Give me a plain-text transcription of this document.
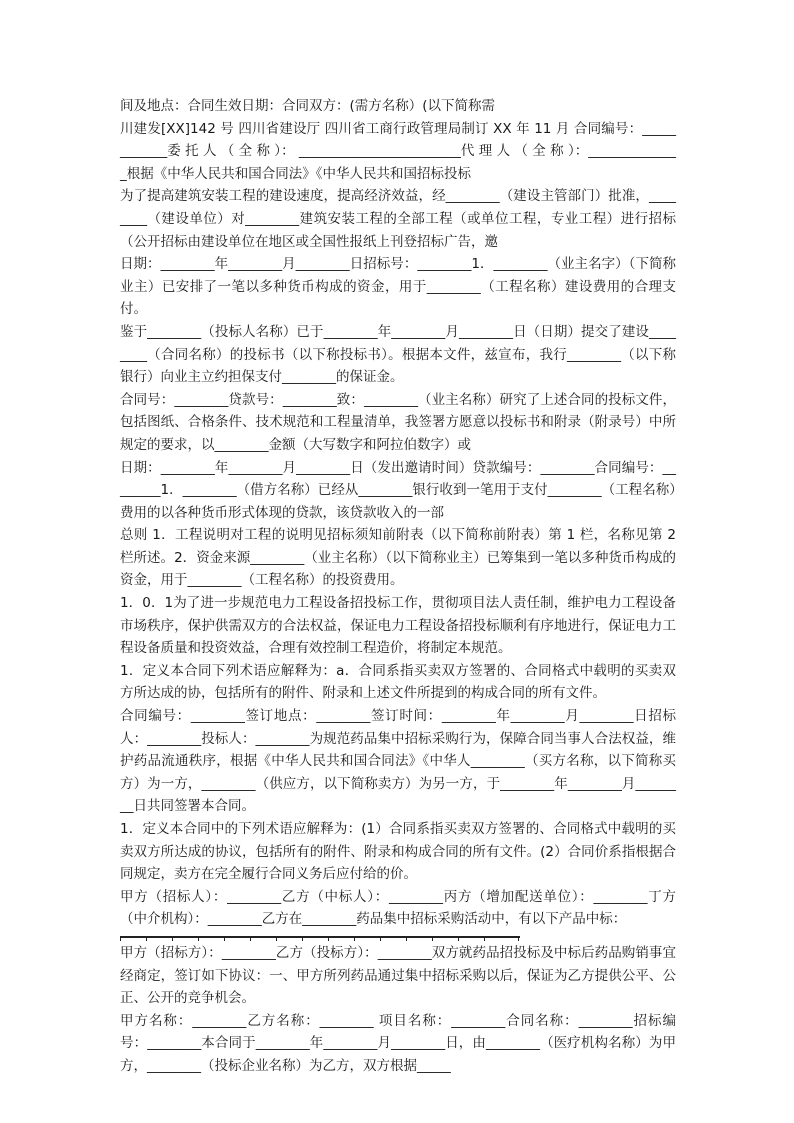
间及地点：合同生效日期：合同双方：(需方名称）(以下简称需

川建发[XX]142 号 四川省建设厅 四川省工商行政管理局制订 XX 年 11 月 合同编号：____________委 托 人 （ 全 称 ）： ________________________代 理 人 （ 全 称 ）：______________根据《中华人民共和国合同法》《中华人民共和国招标投标

为了提高建筑安装工程的建设速度，提高经济效益，经________（建设主管部门）批准，________（建设单位）对________建筑安装工程的全部工程（或单位工程，专业工程）进行招标（公开招标由建设单位在地区或全国性报纸上刊登招标广告，邀

日期：________年________月________日招标号：________1．________（业主名字）（下简称业主）已安排了一笔以多种货币构成的资金，用于________（工程名称）建设费用的合理支付。

鉴于________（投标人名称）已于________年________月________日（日期）提交了建设________（合同名称）的投标书（以下称投标书）。根据本文件，兹宣布，我行________（以下称银行）向业主立约担保支付________的保证金。

合同号：________贷款号：________致：________（业主名称）研究了上述合同的投标文件，包括图纸、合格条件、技术规范和工程量清单，我签署方愿意以投标书和附录（附录号）中所规定的要求，以________金额（大写数字和阿拉伯数字）或

日期：________年________月________日（发出邀请时间）贷款编号：________合同编号：________1．________（借方名称）已经从________银行收到一笔用于支付________（工程名称）费用的以各种货币形式体现的贷款，该贷款收入的一部

总则 1．工程说明对工程的说明见招标须知前附表（以下简称前附表）第 1 栏，名称见第 2 栏所述。2．资金来源________（业主名称）（以下简称业主）已筹集到一笔以多种货币构成的资金，用于________（工程名称）的投资费用。

1．0．1为了进一步规范电力工程设备招投标工作，贯彻项目法人责任制，维护电力工程设备市场秩序，保护供需双方的合法权益，保证电力工程设备招投标顺利有序地进行，保证电力工程设备质量和投资效益，合理有效控制工程造价，将制定本规范。

1．定义本合同下列术语应解释为：a．合同系指买卖双方签署的、合同格式中载明的买卖双方所达成的协，包括所有的附件、附录和上述文件所提到的构成合同的所有文件。

合同编号：________签订地点：________签订时间：________年________月________日招标人：________投标人：________为规范药品集中招标采购行为，保障合同当事人合法权益，维护药品流通秩序，根据《中华人民共和国合同法》《中华人________（买方名称，以下简称买方）为一方，________（供应方，以下简称卖方）为另一方，于________年________月________日共同签署本合同。

1．定义本合同中的下列术语应解释为：(1）合同系指买卖双方签署的、合同格式中载明的买卖双方所达成的协议，包括所有的附件、附录和构成合同的所有文件。(2）合同价系指根据合同规定，卖方在完全履行合同义务后应付给的价。

甲方（招标人）：________乙方（中标人）：________丙方（增加配送单位）：________丁方（中介机构）：________乙方在________药品集中招标采购活动中，有以下产品中标：

甲方（招标方）：________乙方（投标方）：________双方就药品招投标及中标后药品购销事宜经商定，签订如下协议：一、甲方所列药品通过集中招标采购以后，保证为乙方提供公平、公正、公开的竞争机会。

甲方名称：________乙方名称：________ 项目名称：________合同名称：________招标编号：________本合同于________年________月________日，由________（医疗机构名称）为甲方，________（投标企业名称）为乙方，双方根据_____
